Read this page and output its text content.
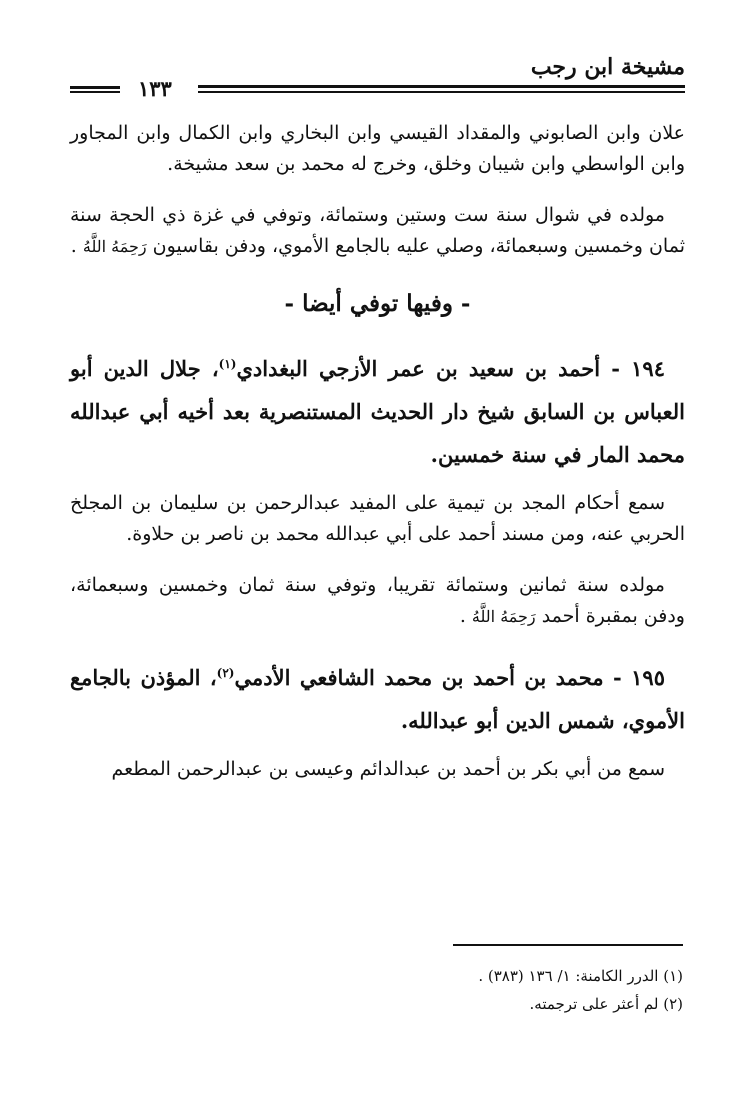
مشيخة ابن رجب
١٣٣

علان وابن الصابوني والمقداد القيسي وابن البخاري وابن الكمال وابن المجاور وابن الواسطي وابن شيبان وخلق، وخرج له محمد بن سعد مشيخة.

مولده في شوال سنة ست وستين وستمائة، وتوفي في غزة ذي الحجة سنة ثمان وخمسين وسبعمائة، وصلي عليه بالجامع الأموي، ودفن بقاسيون رَحِمَهُ اللَّهُ .

- وفيها توفي أيضا -

١٩٤ - أحمد بن سعيد بن عمر الأزجي البغدادي$^{(١)}$، جلال الدين أبو العباس بن السابق شيخ دار الحديث المستنصرية بعد أخيه أبي عبدالله محمد المار في سنة خمسين.

سمع أحكام المجد بن تيمية على المفيد عبدالرحمن بن سليمان بن المجلخ الحربي عنه، ومن مسند أحمد على أبي عبدالله محمد بن ناصر بن حلاوة.

مولده سنة ثمانين وستمائة تقريبا، وتوفي سنة ثمان وخمسين وسبعمائة، ودفن بمقبرة أحمد رَحِمَهُ اللَّهُ .

١٩٥ - محمد بن أحمد بن محمد الشافعي الأدمي$^{(٢)}$، المؤذن بالجامع الأموي، شمس الدين أبو عبدالله.

سمع من أبي بكر بن أحمد بن عبدالدائم وعيسى بن عبدالرحمن المطعم

(١) الدرر الكامنة: ١/ ١٣٦ (٣٨٣) .

(٢) لم أعثر على ترجمته.
